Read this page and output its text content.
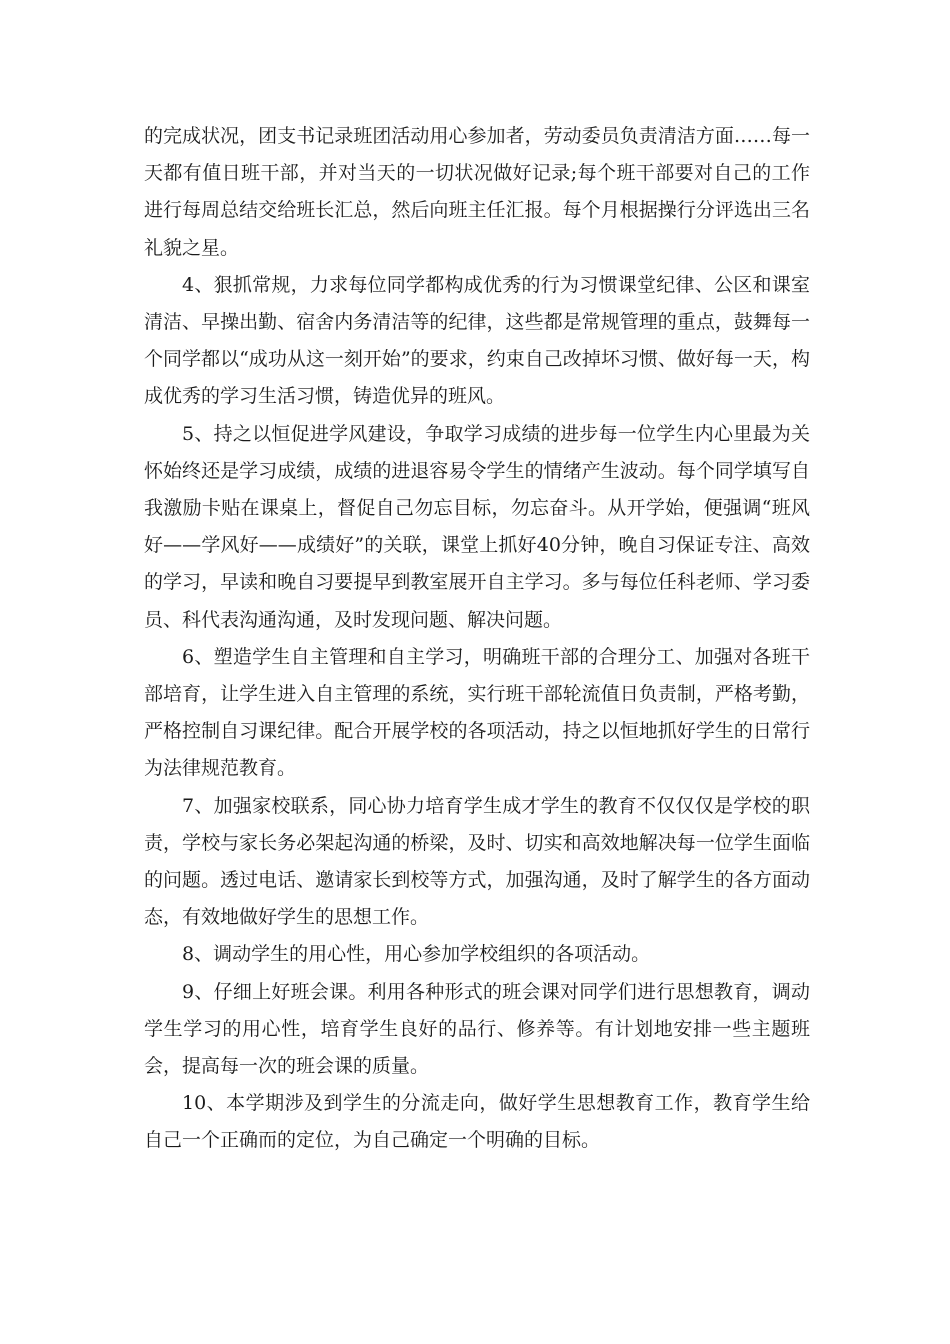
的完成状况，团支书记录班团活动用心参加者，劳动委员负责清洁方面……每一天都有值日班干部，并对当天的一切状况做好记录;每个班干部要对自己的工作进行每周总结交给班长汇总，然后向班主任汇报。每个月根据操行分评选出三名礼貌之星。

4、狠抓常规，力求每位同学都构成优秀的行为习惯课堂纪律、公区和课室清洁、早操出勤、宿舍内务清洁等的纪律，这些都是常规管理的重点，鼓舞每一个同学都以“成功从这一刻开始”的要求，约束自己改掉坏习惯、做好每一天，构成优秀的学习生活习惯，铸造优异的班风。

5、持之以恒促进学风建设，争取学习成绩的进步每一位学生内心里最为关怀始终还是学习成绩，成绩的进退容易令学生的情绪产生波动。每个同学填写自我激励卡贴在课桌上，督促自己勿忘目标，勿忘奋斗。从开学始，便强调“班风好——学风好——成绩好”的关联，课堂上抓好40分钟，晚自习保证专注、高效的学习，早读和晚自习要提早到教室展开自主学习。多与每位任科老师、学习委员、科代表沟通沟通，及时发现问题、解决问题。

6、塑造学生自主管理和自主学习，明确班干部的合理分工、加强对各班干部培育，让学生进入自主管理的系统，实行班干部轮流值日负责制，严格考勤，严格控制自习课纪律。配合开展学校的各项活动，持之以恒地抓好学生的日常行为法律规范教育。

7、加强家校联系，同心协力培育学生成才学生的教育不仅仅仅是学校的职责，学校与家长务必架起沟通的桥梁，及时、切实和高效地解决每一位学生面临的问题。透过电话、邀请家长到校等方式，加强沟通，及时了解学生的各方面动态，有效地做好学生的思想工作。

8、调动学生的用心性，用心参加学校组织的各项活动。

9、仔细上好班会课。利用各种形式的班会课对同学们进行思想教育，调动学生学习的用心性，培育学生良好的品行、修养等。有计划地安排一些主题班会，提高每一次的班会课的质量。

10、本学期涉及到学生的分流走向，做好学生思想教育工作，教育学生给自己一个正确而的定位，为自己确定一个明确的目标。
